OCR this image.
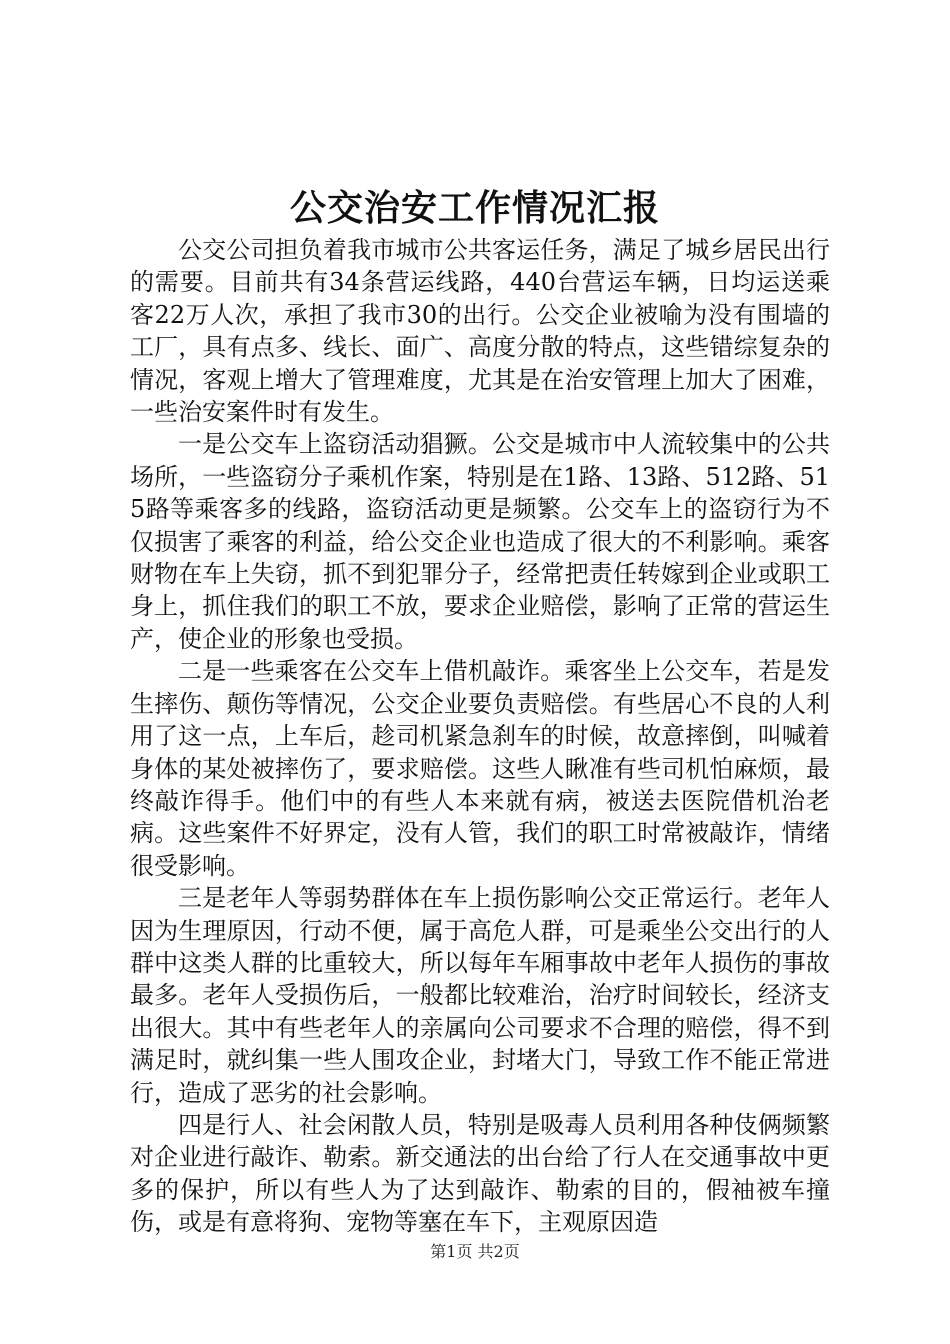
公交治安工作情况汇报

公交公司担负着我市城市公共客运任务，满足了城乡居民出行的需要。目前共有34条营运线路，440台营运车辆，日均运送乘客22万人次，承担了我市30的出行。公交企业被喻为没有围墙的工厂，具有点多、线长、面广、高度分散的特点，这些错综复杂的情况，客观上增大了管理难度，尤其是在治安管理上加大了困难，一些治安案件时有发生。

一是公交车上盗窃活动猖獗。公交是城市中人流较集中的公共场所，一些盗窃分子乘机作案，特别是在1路、13路、512路、515路等乘客多的线路，盗窃活动更是频繁。公交车上的盗窃行为不仅损害了乘客的利益，给公交企业也造成了很大的不利影响。乘客财物在车上失窃，抓不到犯罪分子，经常把责任转嫁到企业或职工身上，抓住我们的职工不放，要求企业赔偿，影响了正常的营运生产，使企业的形象也受损。

二是一些乘客在公交车上借机敲诈。乘客坐上公交车，若是发生摔伤、颠伤等情况，公交企业要负责赔偿。有些居心不良的人利用了这一点，上车后，趁司机紧急刹车的时候，故意摔倒，叫喊着身体的某处被摔伤了，要求赔偿。这些人瞅准有些司机怕麻烦，最终敲诈得手。他们中的有些人本来就有病，被送去医院借机治老病。这些案件不好界定，没有人管，我们的职工时常被敲诈，情绪很受影响。

三是老年人等弱势群体在车上损伤影响公交正常运行。老年人因为生理原因，行动不便，属于高危人群，可是乘坐公交出行的人群中这类人群的比重较大，所以每年车厢事故中老年人损伤的事故最多。老年人受损伤后，一般都比较难治，治疗时间较长，经济支出很大。其中有些老年人的亲属向公司要求不合理的赔偿，得不到满足时，就纠集一些人围攻企业，封堵大门，导致工作不能正常进行，造成了恶劣的社会影响。

四是行人、社会闲散人员，特别是吸毒人员利用各种伎俩频繁对企业进行敲诈、勒索。新交通法的出台给了行人在交通事故中更多的保护，所以有些人为了达到敲诈、勒索的目的，假袖被车撞伤，或是有意将狗、宠物等塞在车下，主观原因造

第1页 共2页
